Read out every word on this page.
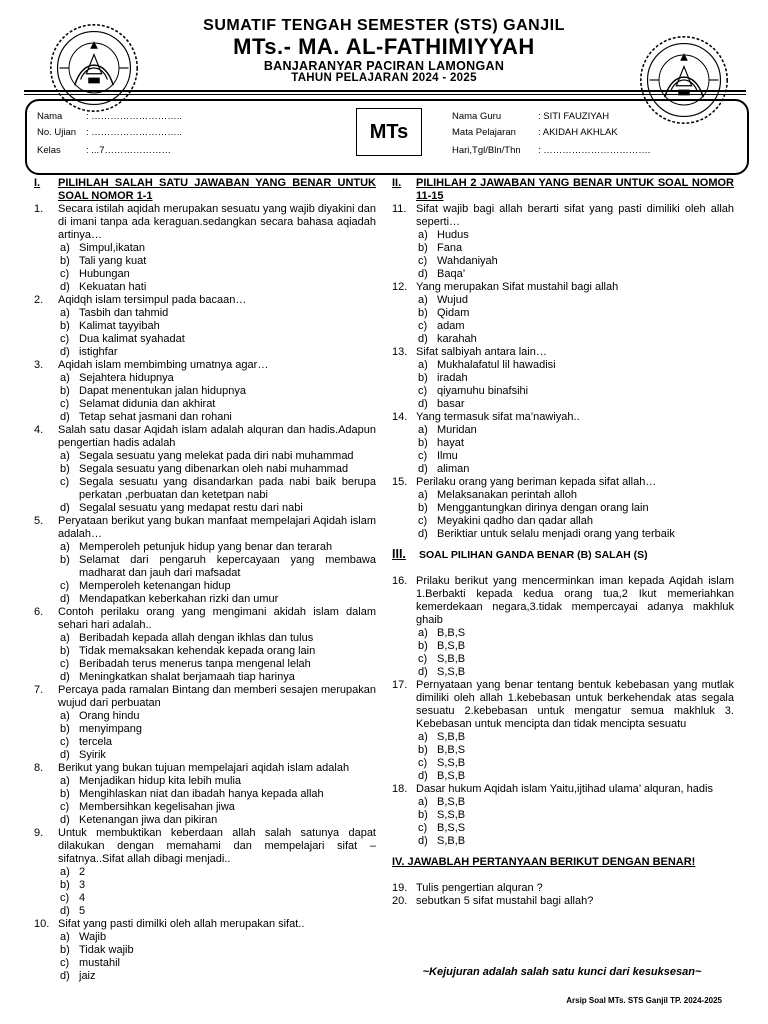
SUMATIF TENGAH SEMESTER (STS) GANJIL
MTs.- MA. AL-FATHIMIYYAH
BANJARANYAR PACIRAN LAMONGAN
TAHUN PELAJARAN 2024 - 2025
MTs
Nama : ………………………..
No. Ujian : ………………………..
Kelas	: ...7…………………
Nama Guru	: SITI FAUZIYAH
Mata Pelajaran : AKIDAH AKHLAK
Hari,Tgl/Bln/Thn : …………………………….
I.	PILIHLAH SALAH SATU JAWABAN YANG BENAR UNTUK SOAL NOMOR 1-1
1.	Secara istilah aqidah merupakan sesuatu yang wajib diyakini dan di imani tanpa ada keraguan.sedangkan secara bahasa aqiadah artinya…
a) Simpul,ikatan
b) Tali yang kuat
c) Hubungan
d) Kekuatan hati
2.	Aqidqh islam tersimpul pada bacaan…
a) Tasbih dan tahmid
b) Kalimat tayyibah
c) Dua kalimat syahadat
d) istighfar
3.	Aqidah islam membimbing umatnya agar…
a) Sejahtera hidupnya
b) Dapat menentukan jalan hidupnya
c) Selamat didunia dan akhirat
d) Tetap sehat jasmani dan rohani
4.	Salah satu dasar Aqidah islam adalah alquran dan hadis.Adapun pengertian hadis adalah
a) Segala sesuatu yang melekat pada diri nabi muhammad
b) Segala sesuatu yang dibenarkan oleh nabi muhammad
c) Segala sesuatu yang disandarkan pada nabi baik berupa perkatan ,perbuatan dan ketetpan nabi
d) Segalal sesuatu yang medapat restu dari nabi
5.	Peryataan berikut yang bukan manfaat mempelajari Aqidah islam adalah…
a) Memperoleh petunjuk hidup yang benar dan terarah
b) Selamat dari pengaruh kepercayaan yang membawa madharat dan jauh dari mafsadat
c) Memperoleh ketenangan hidup
d) Mendapatkan keberkahan rizki dan umur
6.	Contoh perilaku orang yang mengimani akidah islam dalam sehari hari adalah..
a) Beribadah kepada allah dengan ikhlas dan tulus
b) Tidak memaksakan kehendak kepada orang lain
c) Beribadah terus menerus tanpa mengenal lelah
d) Meningkatkan shalat berjamaah tiap harinya
7.	Percaya pada ramalan Bintang dan memberi sesajen merupakan wujud dari perbuatan
a) Orang hindu
b) menyimpang
c) tercela
d) Syirik
8.	Berikut yang bukan tujuan mempelajari aqidah islam adalah
a) Menjadikan hidup kita lebih mulia
b) Mengihlaskan niat dan ibadah hanya kepada allah
c) Membersihkan kegelisahan jiwa
d) Ketenangan jiwa dan pikiran
9.	Untuk membuktikan keberdaan allah salah satunya dapat dilakukan dengan memahami dan mempelajari sifat – sifatnya..Sifat allah dibagi menjadi..
a) 2
b) 3
c) 4
d) 5
10. Sifat yang pasti dimilki oleh allah merupakan sifat..
a) Wajib
b) Tidak wajib
c) mustahil
d) jaiz
II.	PILIHLAH 2 JAWABAN YANG BENAR UNTUK SOAL NOMOR 11-15
11. Sifat wajib bagi allah berarti sifat yang pasti dimiliki oleh allah seperti…
a) Hudus
b) Fana
c) Wahdaniyah
d) Baqa’
12. Yang merupakan Sifat mustahil bagi allah
a) Wujud
b) Qidam
c) adam
d) karahah
13. Sifat salbiyah antara lain…
a) Mukhalafatul lil hawadisi
b) iradah
c) qiyamuhu binafsihi
d) basar
14. Yang termasuk sifat ma’nawiyah..
a) Muridan
b) hayat
c) Ilmu
d) aliman
15. Perilaku orang yang beriman kepada sifat allah…
a) Melaksanakan perintah alloh
b) Menggantungkan dirinya dengan orang lain
c) Meyakini qadho dan qadar allah
d) Beriktiar untuk selalu menjadi orang yang terbaik
III.	SOAL PILIHAN GANDA BENAR (B) SALAH (S)
16. Prilaku berikut yang mencerminkan iman kepada Aqidah islam 1.Berbakti kepada kedua orang tua,2 Ikut memeriahkan kemerdekaan negara,3.tidak mempercayai adanya makhluk ghaib
a) B,B,S
b) B,S,B
c) S,B,B
d) S,S,B
17. Pernyataan yang benar tentang bentuk kebebasan yang mutlak dimiliki oleh allah 1.kebebasan untuk berkehendak atas segala sesuatu 2.kebebasan untuk mengatur semua makhluk 3. Kebebasan untuk mencipta dan tidak mencipta sesuatu
a) S,B,B
b) B,B,S
c) S,S,B
d) B,S,B
18. Dasar hukum Aqidah islam Yaitu,ijtihad ulama’ alquran, hadis
a) B,S,B
b) S,S,B
c) B,S,S
d) S,B,B
IV. JAWABLAH PERTANYAAN BERIKUT DENGAN BENAR!
19. Tulis pengertian alquran ?
20. sebutkan 5 sifat mustahil bagi allah?
~Kejujuran adalah salah satu kunci dari kesuksesan~
Arsip Soal MTs. STS Ganjil TP. 2024-2025
